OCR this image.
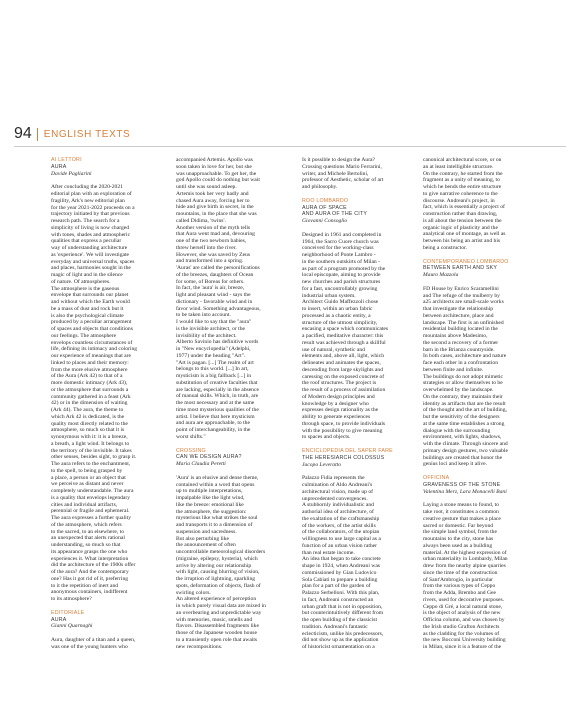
94 ENGLISH TEXTS
AI LETTORI
AURA
Davide Pagliarini

After concluding the 2020-2021
editorial plan with an exploration of
fragility, Ark's new editorial plan
for the year 2021-2022 proceeds on a
trajectory initiated by that previous
research path. The search for a
simplicity of living is now charged
with tones, shades and atmospheric
qualities that express a peculiar
way of understanding architecture
as 'experience'. We will investigate
everyday and universal truths, spaces
and places, harmonies sought in the
magic of light and in the silence
of nature. Of atmospheres.
The atmosphere is the gaseous
envelope that surrounds our planet
and without which the Earth would
be a mass of dust and rock but it
is also the psychological climate
produced by a peculiar arrangement
of spaces and objects that conditions
our feelings. The atmosphere
envelops countless circumstances of
life, defining its intimacy and coloring
our experience of meanings that are
linked to places and their memory:
from the more elusive atmosphere
of the Aura (Ark 42) to that of a
more domestic intimacy (Ark 43),
or the atmosphere that surrounds a
community gathered in a feast (Ark
42) or in the dimension of waiting
(Ark 44). The aura, the theme to
which Ark 42 is dedicated, is the
quality most directly related to the
atmosphere, so much so that it is
synonymous with it: it is a breeze,
a breath, a light wind. It belongs to
the territory of the invisible. It takes
other senses, besides sight, to grasp it.
The aura refers to the enchantment,
to the spell, to being grasped by
a place, a person or an object that
we perceive as distant and never
completely understandable. The aura
is a quality that envelops legendary
cities and individual artifacts,
perennial or fragile and ephemeral.
The aura expresses a further quality
of the atmosphere, which refers
to the sacred, to an elsewhere, to
an unexpected that alerts rational
understanding, so much so that
its appearance grasps the one who
experiences it. What interpretation
did the architecture of the 1900s offer
of the aura? And the contemporary
one? Has it got rid of it, preferring
to it the repetition of inert and
anonymous containers, indifferent
to its atmosphere?

EDITORIALE
AURA
Gianni Quarnaghi

Aura, daughter of a titan and a queen,
was one of the young hunters who

accompanied Artemis. Apollo was
soon taken in love for her, but she
was unapproachable. To get her, the
god Apollo could do nothing but wait
until she was sound asleep.
Artemis took her very badly and
chased Aura away, forcing her to
hide and give birth in secret, in the
mountains, in the place that she was
called Didima, 'twins'.
Another version of the myth tells
that Aura went mad and, devouring
one of the two newborn babies,
threw herself into the river.
However, she was saved by Zeus
and transformed into a spring.
'Auras' are called the personifications
of the breezes, daughters of Ocean
for some, of Boreas for others.
In fact, the 'aura' is air, breeze,
light and pleasant wind - says the
dictionary - favorable wind and in
favor wind. Something advantageous,
to be taken into account.
I would like to say that the "aura"
is the invisible architect, or the
invisibility of the architect.
Alberto Savinio has definitive words
in "New encyclopedia" (Adelphi,
1977) under the heading "Art".
"Art is pagan. [...] The realm of art
belongs to this world. [...] In art,
mysticism is a big fallback [...] in
substitution of creative faculties that
are lacking, especially in the absence
of manual skills. Which, in truth, are
the most necessary and at the same
time most mysterious qualities of the
artist. I believe that here mysticism
and aura are approachable, to the
point of interchangeability, in the
worst shifts."

CROSSING
CAN WE DESIGN AURA?
Maria Claudia Peretti

'Aura' is an elusive and dense theme,
contained within a word that opens
up to multiple interpretations,
impalpable like the light wind,
like the breeze: emotional like
the atmosphere, the suggestion:
mysterious like what strikes the soul
and transports it to a dimension of
suspension and sacredness.
But also perturbing like
the announcement of often
uncontrollable meteorological disorders
(migraine, epilepsy, hysteria), which
arrive by altering our relationship
with light, causing blurring of vision,
the irruption of lightning, sparkling
spots, deformation of objects, flash of
swirling colors.
An altered experience of perception
in which purely visual data are mixed in
an overbearing and unpredictable way
with memories, music, smells and
flavors. Disassembled fragments like
those of the Japanese wooden house
to a transiently open role that awaits
new recompositions.

Is it possible to design the Aura?
Crossing questions Mario Ferrarini,
writer, and Michele Bertolini,
professor of Aesthetic, scholar of art
and philosophy.

ROO LOMBARDO
AURA OF SPACE
AND AURA OF THE CITY
Giovanni Consoglio

Designed in 1961 and completed in
1964, the Sacro Cuore church was
conceived for the working-class
neighborhood of Ponte Lambro -
in the southern outskirts of Milan -
as part of a program promoted by the
local episcopate, aiming to provide
new churches and parish structures
for a fast, uncontrollably growing
industrial urban system.
Architect Guido Maffezzoli chose
to insert, within an urban fabric
processed as a chaotic entity, a
structure of the utmost simplicity,
encasing a space which communicates
a pacified, meditative character: this
result was achieved through a skillful
use of natural, synthetic and
elements and, above all, light, which
delineates and animates the spaces,
descending from large skylights and
caressing on the exposed concrete of
the roof structures. The project is
the result of a process of assimilation
of Modern design principles and
knowledge by a designer who
expresses design rationality as the
ability to generate experiences
through space, to provide individuals
with the possibility to give meaning
to spaces and objects.

ENCICLOPEDIA DEL SAPER FARE
THE HERESIARCH COLOSSUS
Jacopo Leveratto

Palazzo Fidia represents the
culmination of Aldo Andreani's
architectural vision, made up of
unprecedented convergences.
A stubbornly individualistic and
authorial idea of architecture, of
the exaltation of the craftsmanship
of the workers, of the artist skills
of the collaborators, of the utopian
willingness to use large capital as a
function of an urban vision rather
than real estate income.
An idea that began to take concrete
shape in 1924, when Andreani was
commissioned by Gian Ludovico
Sola Cabiati to prepare a building
plan for a part of the garden of
Palazzo Serbelloni. With this plan,
in fact, Andreani constructed an
urban graft that is not in opposition,
but counterintuitively different from
the open building of the classicist
tradition. Andreani's fantastic
eclecticism, unlike his predecessors,
did not show up as the application
of historicist ornamentation on a

canonical architectural score, or on
an at least intelligible structure.
On the contrary, he started from the
fragment as a unity of meaning, to
which he bends the entire structure
to give narrative coherence to the
discourse. Andreani's project, in
fact, which is essentially a project of
construction rather than drawing,
is all about the tension between the
organic logic of plasticity and the
analytical one of montage, as well as
between his being an artist and his
being a constructor.

CONTEMPORANEO LOMBARDO
BETWEEN EARTH AND SKY
Mauro Mazzola

FD House by Enrico Scaramellini
and The refuge of the mulberry by
a25 architects are small-scale works
that investigate the relationship
between architecture, place and
landscape. The first is an unfinished
residential building located in the
mountains above Madesimo,
the second a recovery of a former
barn in the Brianza countryside.
In both cases, architecture and nature
face each other in a confrontation
between finite and infinite.
The buildings do not adopt mimetic
strategies or allow themselves to be
overwhelmed by the landscape.
On the contrary, they maintain their
identity as artifacts that are the result
of the thought and the art of building,
but the sensitivity of the designers
at the same time establishes a strong
dialogue with the surrounding
environment, with lights, shadows,
with the climate. Through sincere and
primary design gestures, two valuable
buildings are created that honor the
genius loci and keep it alive.

OFFICINA
GRAVENESS OF THE STONE
Valentina Merz, Lara Monacelli Bani

Laying a stone means to found, to
take root, it constitutes a common
creative gesture that makes a place
sacred or domestic. Far beyond
the simple land symbol, from the
mountains to the city, stone has
always been used as a building
material. At the highest expression of
urban materiality in Lombardy, Milan
drew from the nearby alpine quarries
since the time of the construction
of Sant'Ambrogio, in particular
from the various types of Ceppo
from the Adda, Brembo and Gee
rivers, used for decorative purposes.
Ceppo di Gré, a local natural stone,
is the object of analysis of the new
Officina column, and was chosen by
the Irish studio Grafton Architects
as the cladding for the volumes of
the new Bocconi University building
in Milan, since it is a feature of the
